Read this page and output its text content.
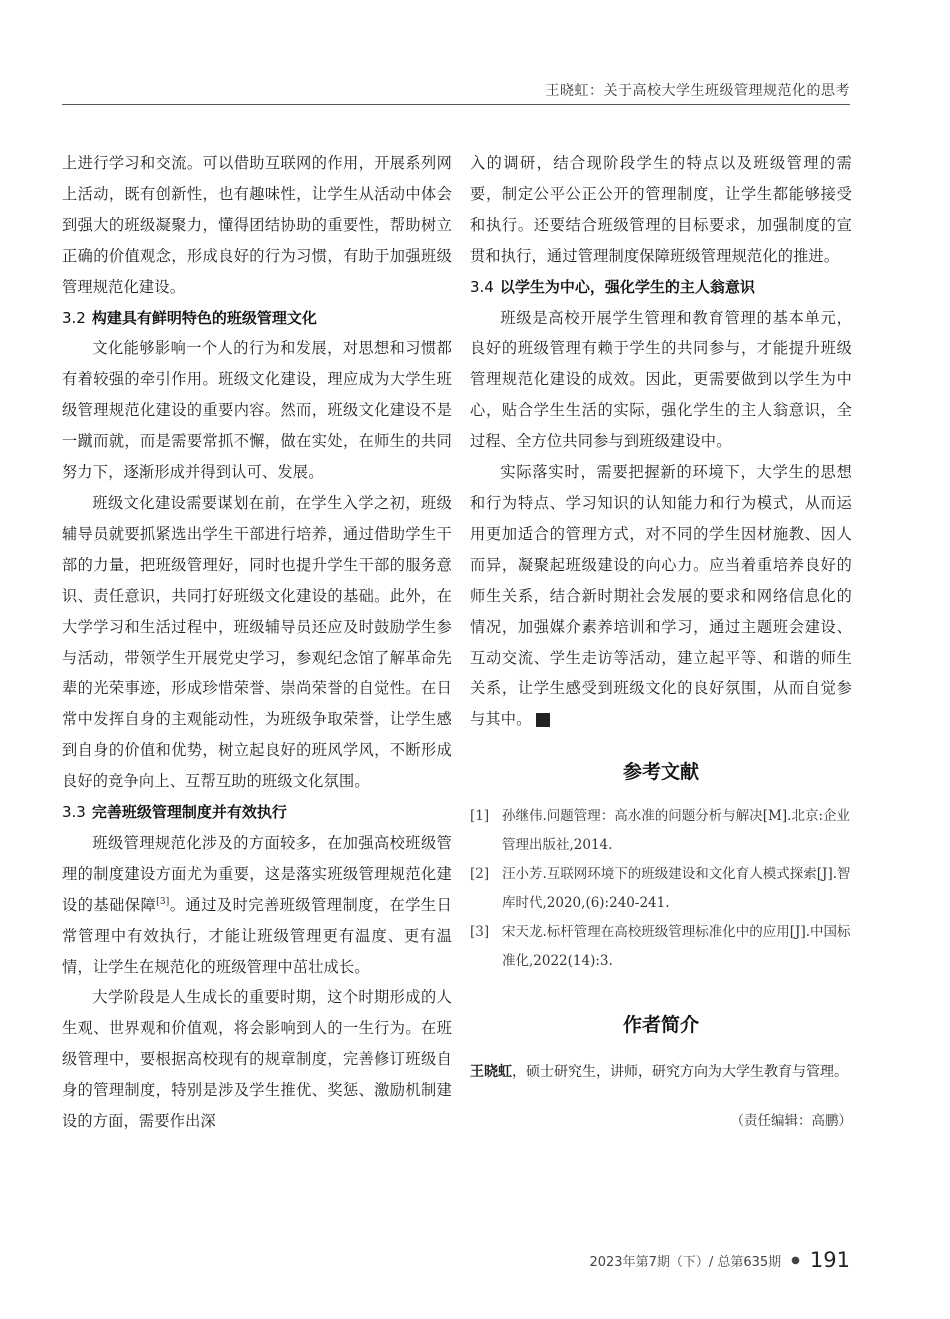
王晓虹：关于高校大学生班级管理规范化的思考

上进行学习和交流。可以借助互联网的作用，开展系列网上活动，既有创新性，也有趣味性，让学生从活动中体会到强大的班级凝聚力，懂得团结协助的重要性，帮助树立正确的价值观念，形成良好的行为习惯，有助于加强班级管理规范化建设。

3.2 构建具有鲜明特色的班级管理文化

文化能够影响一个人的行为和发展，对思想和习惯都有着较强的牵引作用。班级文化建设，理应成为大学生班级管理规范化建设的重要内容。然而，班级文化建设不是一蹴而就，而是需要常抓不懈，做在实处，在师生的共同努力下，逐渐形成并得到认可、发展。

班级文化建设需要谋划在前，在学生入学之初，班级辅导员就要抓紧选出学生干部进行培养，通过借助学生干部的力量，把班级管理好，同时也提升学生干部的服务意识、责任意识，共同打好班级文化建设的基础。此外，在大学学习和生活过程中，班级辅导员还应及时鼓励学生参与活动，带领学生开展党史学习，参观纪念馆了解革命先辈的光荣事迹，形成珍惜荣誉、崇尚荣誉的自觉性。在日常中发挥自身的主观能动性，为班级争取荣誉，让学生感到自身的价值和优势，树立起良好的班风学风，不断形成良好的竞争向上、互帮互助的班级文化氛围。

3.3 完善班级管理制度并有效执行

班级管理规范化涉及的方面较多，在加强高校班级管理的制度建设方面尤为重要，这是落实班级管理规范化建设的基础保障[3]。通过及时完善班级管理制度，在学生日常管理中有效执行，才能让班级管理更有温度、更有温情，让学生在规范化的班级管理中茁壮成长。

大学阶段是人生成长的重要时期，这个时期形成的人生观、世界观和价值观，将会影响到人的一生行为。在班级管理中，要根据高校现有的规章制度，完善修订班级自身的管理制度，特别是涉及学生推优、奖惩、激励机制建设的方面，需要作出深

入的调研，结合现阶段学生的特点以及班级管理的需要，制定公平公正公开的管理制度，让学生都能够接受和执行。还要结合班级管理的目标要求，加强制度的宣贯和执行，通过管理制度保障班级管理规范化的推进。

3.4 以学生为中心，强化学生的主人翁意识

班级是高校开展学生管理和教育管理的基本单元，良好的班级管理有赖于学生的共同参与，才能提升班级管理规范化建设的成效。因此，更需要做到以学生为中心，贴合学生生活的实际，强化学生的主人翁意识，全过程、全方位共同参与到班级建设中。

实际落实时，需要把握新的环境下，大学生的思想和行为特点、学习知识的认知能力和行为模式，从而运用更加适合的管理方式，对不同的学生因材施教、因人而异，凝聚起班级建设的向心力。应当着重培养良好的师生关系，结合新时期社会发展的要求和网络信息化的情况，加强媒介素养培训和学习，通过主题班会建设、互动交流、学生走访等活动，建立起平等、和谐的师生关系，让学生感受到班级文化的良好氛围，从而自觉参与其中。	Z

参考文献

[1] 孙继伟.问题管理：高水准的问题分析与解决[M].北京:企业管理出版社,2014.
[2] 汪小芳.互联网环境下的班级建设和文化育人模式探索[J].智库时代,2020,(6):240-241.
[3] 宋天龙.标杆管理在高校班级管理标准化中的应用[J].中国标准化,2022(14):3.

作者简介

王晓虹，硕士研究生，讲师，研究方向为大学生教育与管理。

（责任编辑：高鹏）

2023年第7期（下）/ 总第635期 ● 191
